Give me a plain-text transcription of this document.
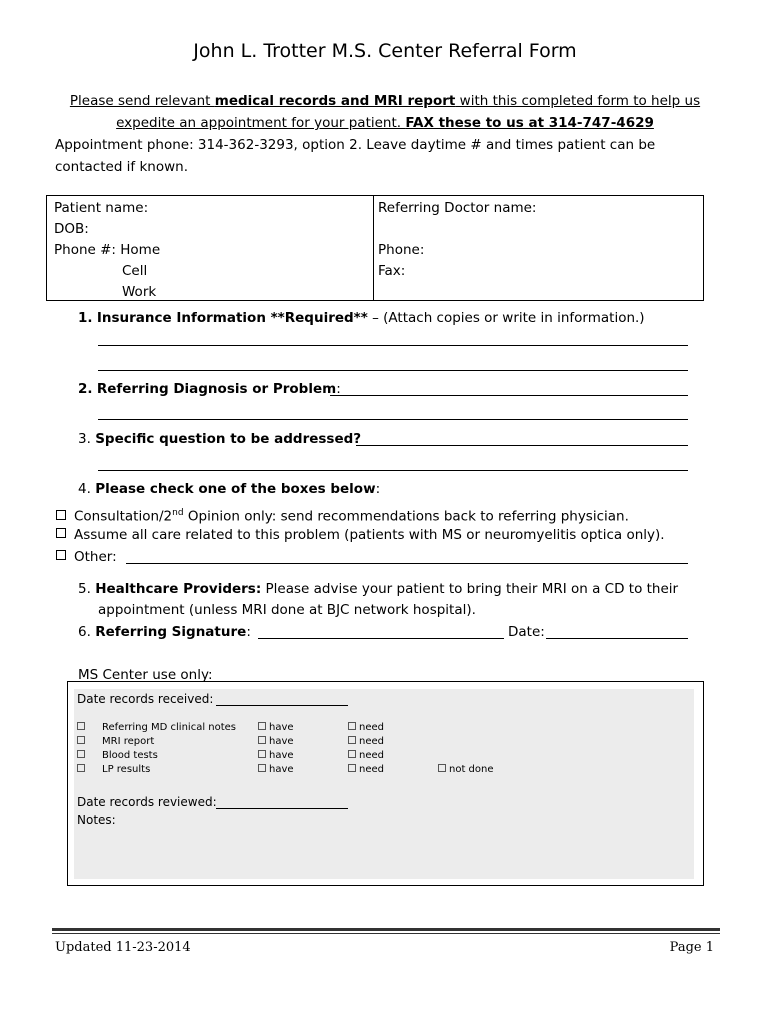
John L. Trotter M.S. Center Referral Form
Please send relevant medical records and MRI report with this completed form to help us
expedite an appointment for your patient. FAX these to us at 314-747-4629
Appointment phone: 314-362-3293, option 2. Leave daytime # and times patient can be
contacted if known.
Patient name:
DOB:
Phone #: Home
Cell
Work
Referring Doctor name:
Phone:
Fax:
1. Insurance Information **Required** – (Attach copies or write in information.)
2. Referring Diagnosis or Problem:
3. Specific question to be addressed?
4. Please check one of the boxes below:
Consultation/2nd Opinion only: send recommendations back to referring physician.
Assume all care related to this problem (patients with MS or neuromyelitis optica only).
Other:
5. Healthcare Providers: Please advise your patient to bring their MRI on a CD to their
appointment (unless MRI done at BJC network hospital).
6. Referring Signature:	Date:
MS Center use only:
Date records received:
Referring MD clinical notes	have	need
MRI report	have	need
Blood tests	have	need
LP results	have	need	not done
Date records reviewed:
Notes:
Updated 11-23-2014	Page 1
